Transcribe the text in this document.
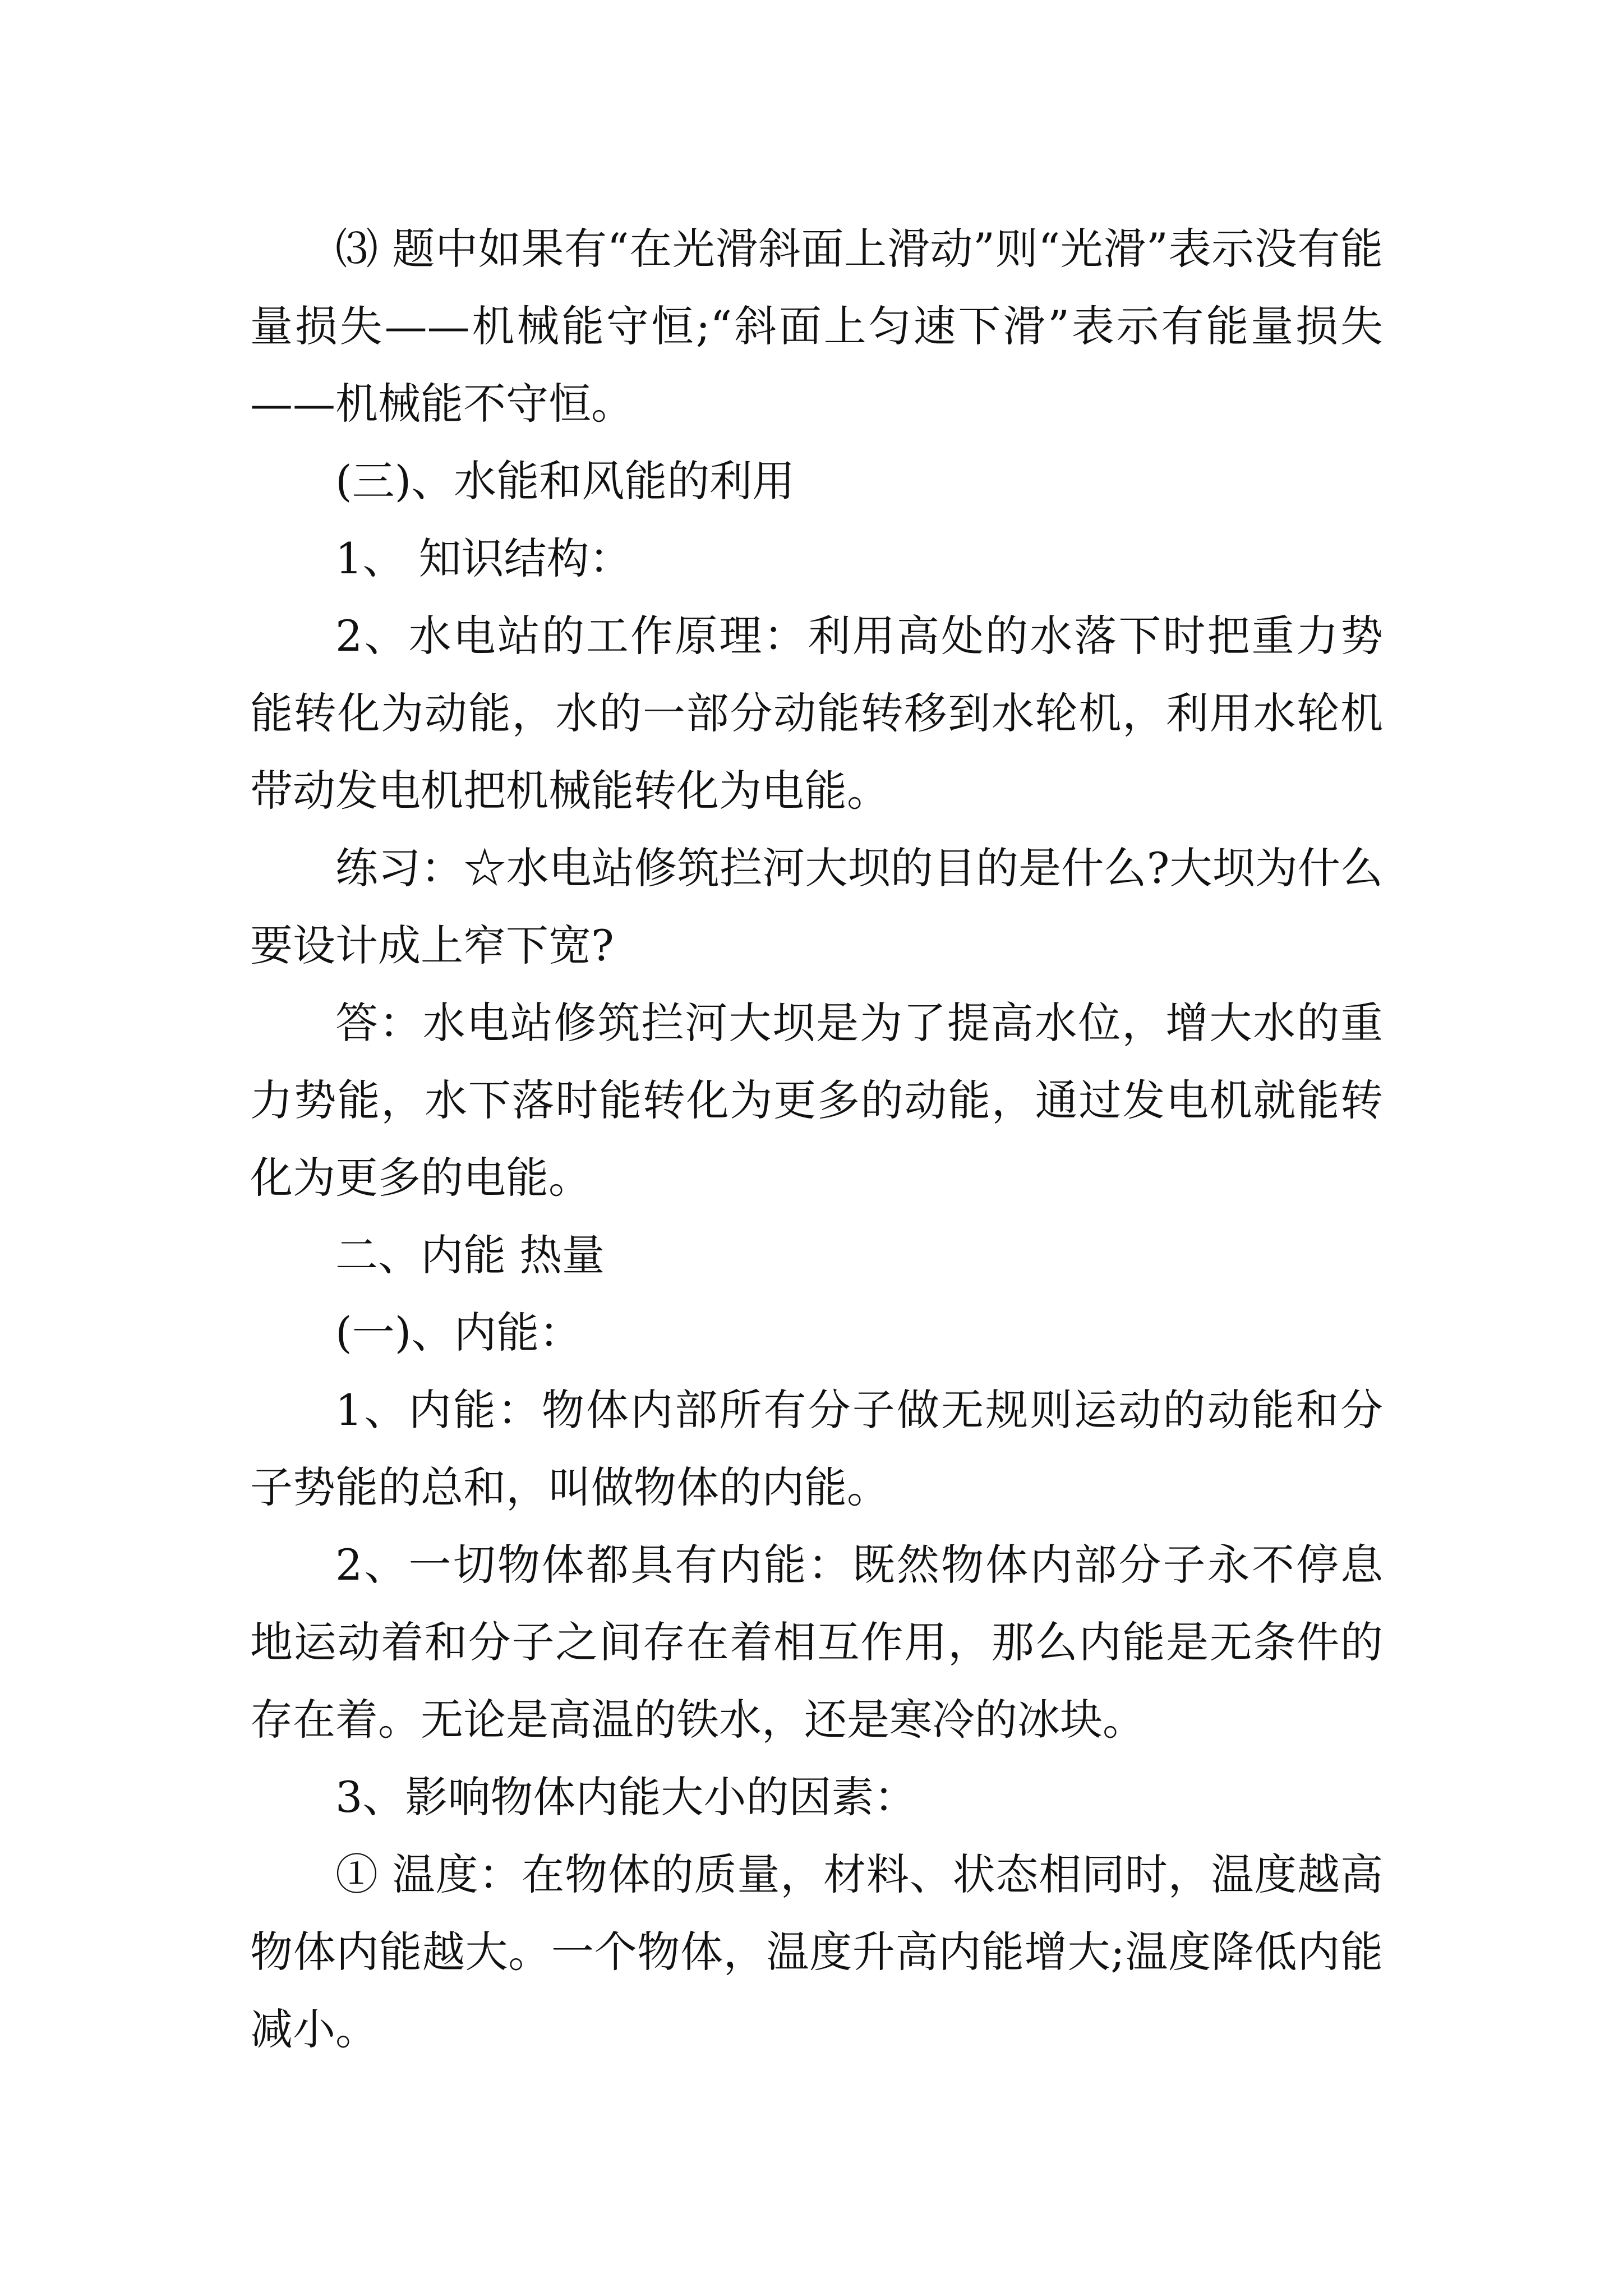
⑶ 题中如果有“在光滑斜面上滑动”则“光滑”表示没有能量损失——机械能守恒;“斜面上匀速下滑”表示有能量损失——机械能不守恒。

(三)、水能和风能的利用

1、 知识结构：

2、水电站的工作原理：利用高处的水落下时把重力势能转化为动能，水的一部分动能转移到水轮机，利用水轮机带动发电机把机械能转化为电能。

练习：☆水电站修筑拦河大坝的目的是什么?大坝为什么要设计成上窄下宽?

答：水电站修筑拦河大坝是为了提高水位，增大水的重力势能，水下落时能转化为更多的动能，通过发电机就能转化为更多的电能。

二、内能 热量

(一)、内能：

1、内能：物体内部所有分子做无规则运动的动能和分子势能的总和，叫做物体的内能。

2、一切物体都具有内能：既然物体内部分子永不停息地运动着和分子之间存在着相互作用，那么内能是无条件的存在着。无论是高温的铁水，还是寒冷的冰块。

3、影响物体内能大小的因素：

① 温度：在物体的质量，材料、状态相同时，温度越高物体内能越大。一个物体，温度升高内能增大;温度降低内能减小。
